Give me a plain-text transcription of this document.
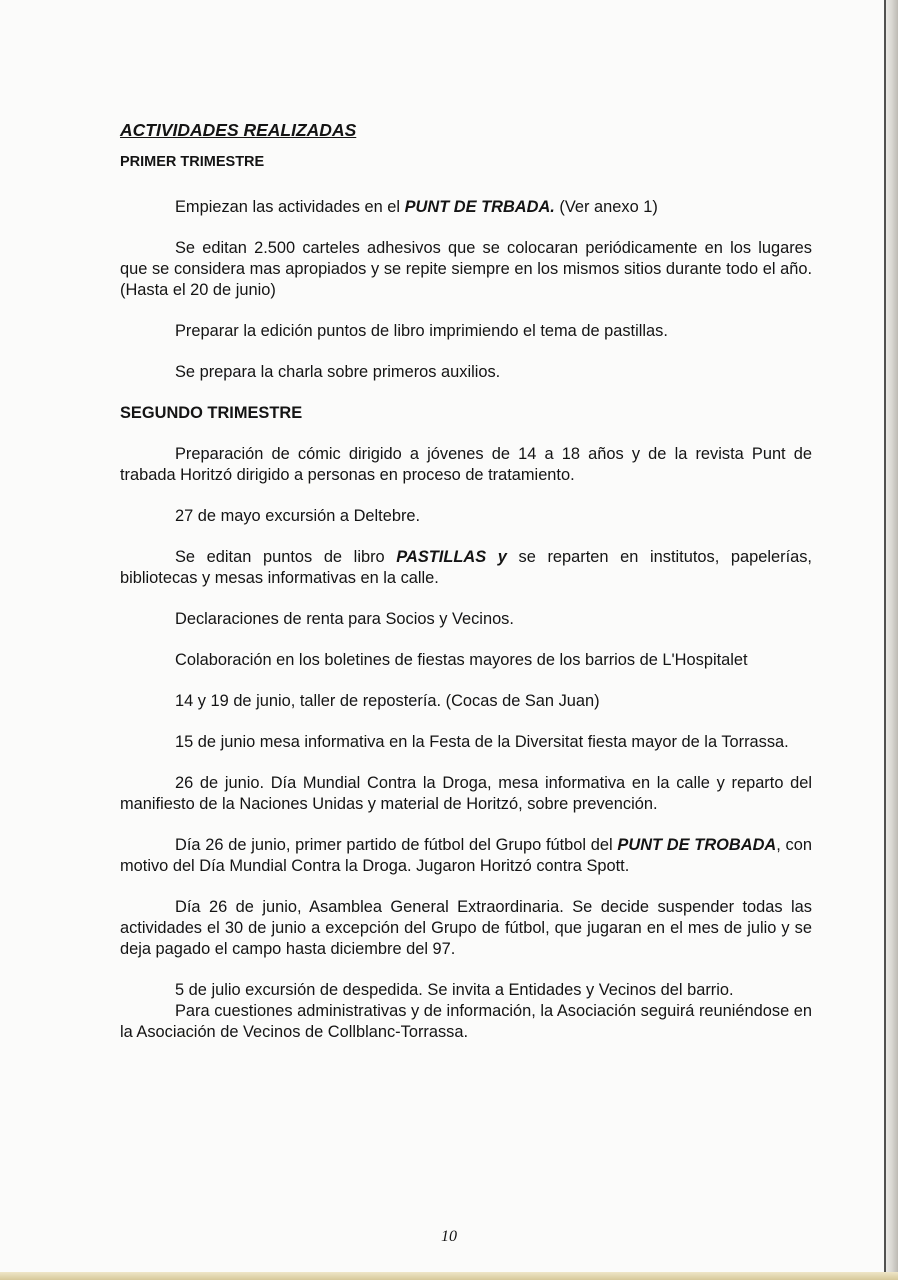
ACTIVIDADES REALIZADAS
PRIMER TRIMESTRE

Empiezan las actividades en el PUNT DE TRBADA. (Ver anexo 1)

Se editan 2.500 carteles adhesivos que se colocaran periódicamente en los lugares que se considera mas apropiados y se repite siempre en los mismos sitios durante todo el año. (Hasta el 20 de junio)

Preparar la edición puntos de libro imprimiendo el tema de pastillas.

Se prepara la charla sobre primeros auxilios.

SEGUNDO TRIMESTRE

Preparación de cómic dirigido a jóvenes de 14 a 18 años y de la revista Punt de trabada Horitzó dirigido a personas en proceso de tratamiento.

27 de mayo excursión a Deltebre.

Se editan puntos de libro PASTILLAS y se reparten en institutos, papelerías, bibliotecas y mesas informativas en la calle.

Declaraciones de renta para Socios y Vecinos.

Colaboración en los boletines de fiestas mayores de los barrios de L'Hospitalet

14 y 19 de junio, taller de repostería. (Cocas de San Juan)

15 de junio mesa informativa en la Festa de la Diversitat fiesta mayor de la Torrassa.

26 de junio. Día Mundial Contra la Droga, mesa informativa en la calle y reparto del manifiesto de la Naciones Unidas y material de Horitzó, sobre prevención.

Día 26 de junio, primer partido de fútbol del Grupo fútbol del PUNT DE TROBADA, con motivo del Día Mundial Contra la Droga. Jugaron Horitzó contra Spott.

Día 26 de junio, Asamblea General Extraordinaria. Se decide suspender todas las actividades el 30 de junio a excepción del Grupo de fútbol, que jugaran en el mes de julio y se deja pagado el campo hasta diciembre del 97.

5 de julio excursión de despedida. Se invita a Entidades y Vecinos del barrio.

Para cuestiones administrativas y de información, la Asociación seguirá reuniéndose en la Asociación de Vecinos de Collblanc-Torrassa.

10
